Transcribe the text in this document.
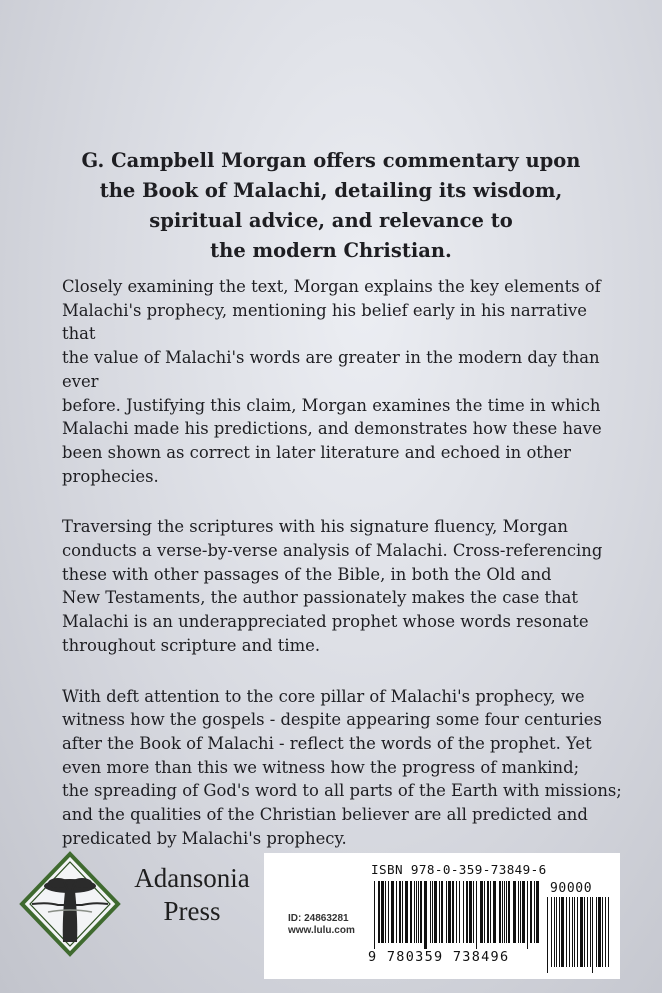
G. Campbell Morgan offers commentary upon
the Book of Malachi, detailing its wisdom,
spiritual advice, and relevance to
the modern Christian.

Closely examining the text, Morgan explains the key elements of
Malachi's prophecy, mentioning his belief early in his narrative that
the value of Malachi's words are greater in the modern day than ever
before. Justifying this claim, Morgan examines the time in which
Malachi made his predictions, and demonstrates how these have
been shown as correct in later literature and echoed in other
prophecies.

Traversing the scriptures with his signature fluency, Morgan
conducts a verse-by-verse analysis of Malachi. Cross-referencing
these with other passages of the Bible, in both the Old and
New Testaments, the author passionately makes the case that
Malachi is an underappreciated prophet whose words resonate
throughout scripture and time.

With deft attention to the core pillar of Malachi's prophecy, we
witness how the gospels - despite appearing some four centuries
after the Book of Malachi - reflect the words of the prophet. Yet
even more than this we witness how the progress of mankind;
the spreading of God's word to all parts of the Earth with missions;
and the qualities of the Christian believer are all predicted and
predicated by Malachi's prophecy.

Adansonia
Press
ISBN 978-0-359-73849-6
ID: 24863281
www.lulu.com
9 780359 738496
90000
